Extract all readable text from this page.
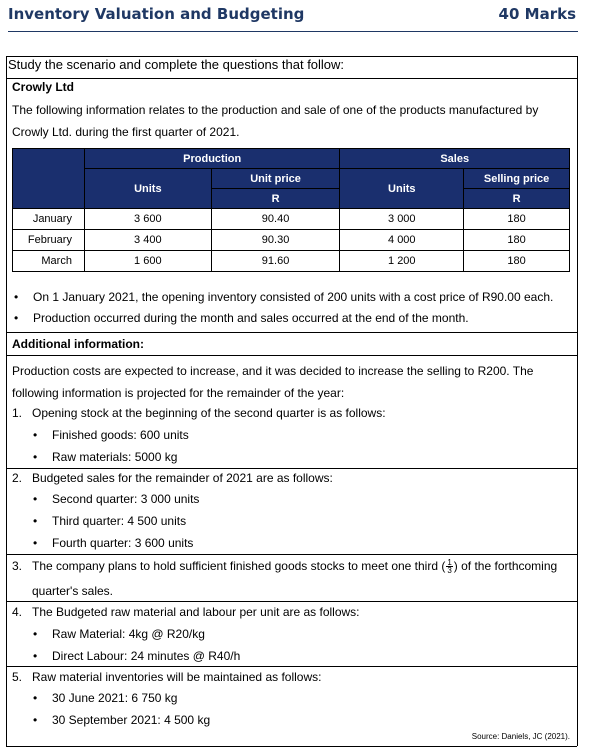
Inventory Valuation and Budgeting	40 Marks
Study the scenario and complete the questions that follow:
Crowly Ltd
The following information relates to the production and sale of one of the products manufactured by Crowly Ltd. during the first quarter of 2021.
	Production		Sales	
	Units	Unit price	Units	Selling price
		R		R
January	3 600	90.40	3 000	180
February	3 400	90.30	4 000	180
March	1 600	91.60	1 200	180
• On 1 January 2021, the opening inventory consisted of 200 units with a cost price of R90.00 each.
• Production occurred during the month and sales occurred at the end of the month.
Additional information:
Production costs are expected to increase, and it was decided to increase the selling to R200. The following information is projected for the remainder of the year:
1. Opening stock at the beginning of the second quarter is as follows:
• Finished goods: 600 units
• Raw materials: 5000 kg
2. Budgeted sales for the remainder of 2021 are as follows:
• Second quarter: 3 000 units
• Third quarter: 4 500 units
• Fourth quarter: 3 600 units
3. The company plans to hold sufficient finished goods stocks to meet one third ( $\frac{1}{3}$ ) of the forthcoming
quarter's sales.
4. The Budgeted raw material and labour per unit are as follows:
• Raw Material: 4kg @ R20/kg
• Direct Labour: 24 minutes @ R40/h
5. Raw material inventories will be maintained as follows:
• 30 June 2021: 6 750 kg
• 30 September 2021: 4 500 kg
Source: Daniels, JC (2021).
